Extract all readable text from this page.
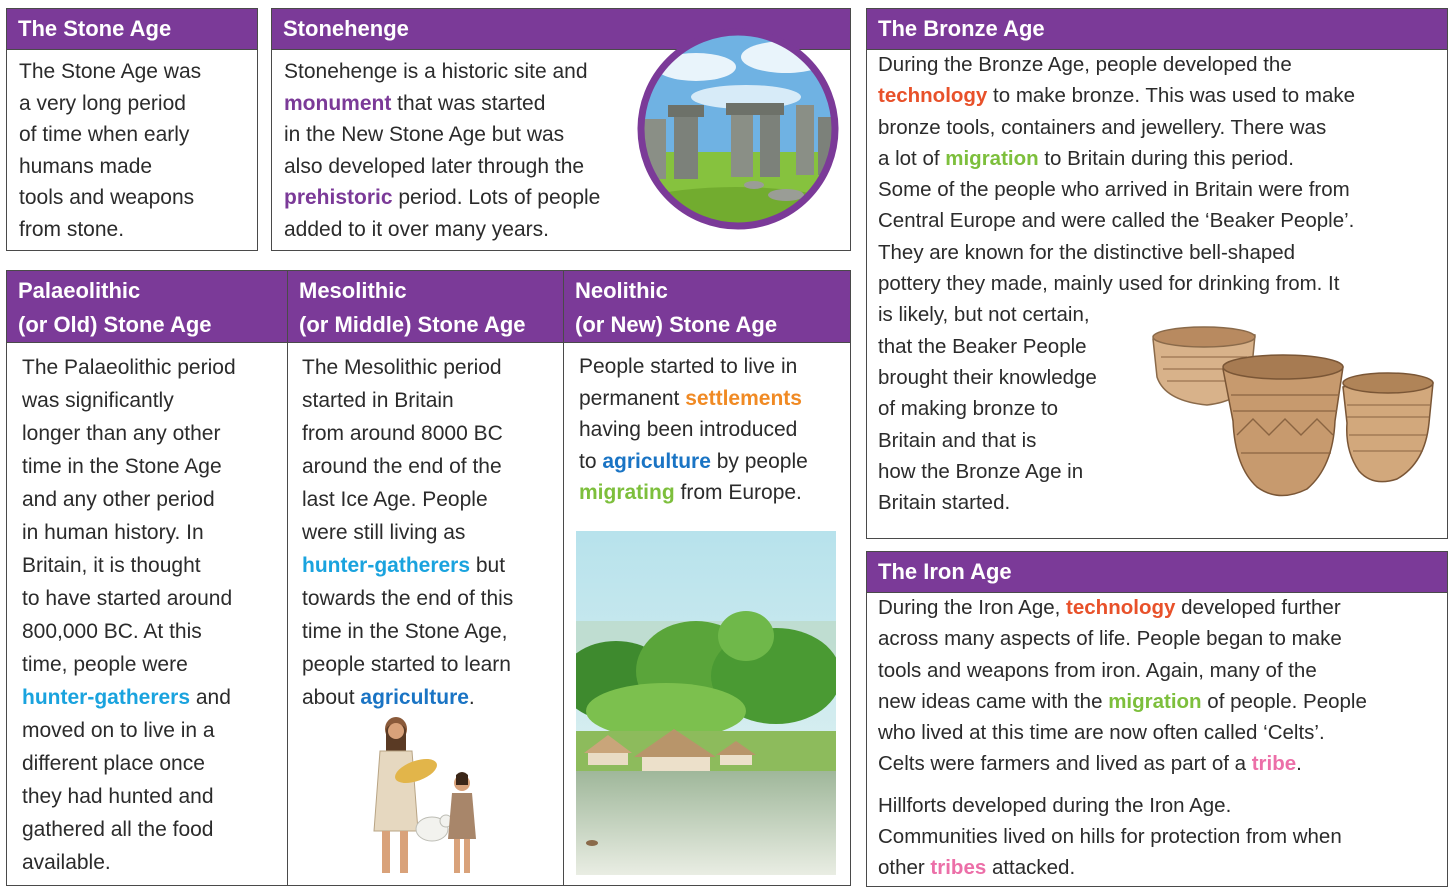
The Stone Age
The Stone Age was
a very long period
of time when early
humans made
tools and weapons
from stone.
Stonehenge
Stonehenge is a historic site and
monument that was started
in the New Stone Age but was
also developed later through the
prehistoric period. Lots of people
added to it over many years.
Palaeolithic
(or Old) Stone Age
The Palaeolithic period
was significantly
longer than any other
time in the Stone Age
and any other period
in human history. In
Britain, it is thought
to have started around
800,000 BC. At this
time, people were
hunter-gatherers and
moved on to live in a
different place once
they had hunted and
gathered all the food
available.
Mesolithic
(or Middle) Stone Age
The Mesolithic period
started in Britain
from around 8000 BC
around the end of the
last Ice Age. People
were still living as
hunter-gatherers but
towards the end of this
time in the Stone Age,
people started to learn
about agriculture.
Neolithic
(or New) Stone Age
People started to live in
permanent settlements
having been introduced
to agriculture by people
migrating from Europe.
The Bronze Age
During the Bronze Age, people developed the
technology to make bronze. This was used to make
bronze tools, containers and jewellery. There was
a lot of migration to Britain during this period.
Some of the people who arrived in Britain were from
Central Europe and were called the ‘Beaker People’.
They are known for the distinctive bell-shaped
pottery they made, mainly used for drinking from. It
is likely, but not certain,
that the Beaker People
brought their knowledge
of making bronze to
Britain and that is
how the Bronze Age in
Britain started.
The Iron Age
During the Iron Age, technology developed further
across many aspects of life. People began to make
tools and weapons from iron. Again, many of the
new ideas came with the migration of people. People
who lived at this time are now often called ‘Celts’.
Celts were farmers and lived as part of a tribe.
Hillforts developed during the Iron Age.
Communities lived on hills for protection from when
other tribes attacked.
